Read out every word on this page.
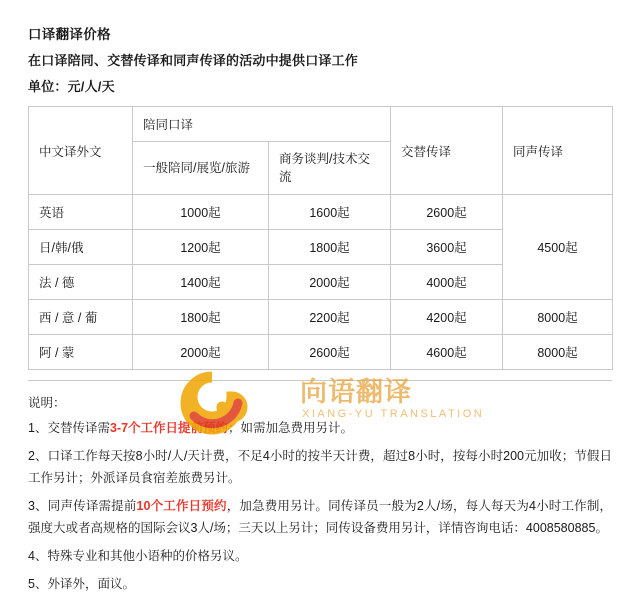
口译翻译价格
在口译陪同、交替传译和同声传译的活动中提供口译工作
单位：元/人/天
向语翻译
XIANG-YU TRANSLATION
中文译外文	陪同口译		交替传译	同声传译
	一般陪同/展览/旅游	商务谈判/技术交流		
英语	1000起	1600起	2600起	4500起
日/韩/俄	1200起	1800起	3600起	
法 / 德	1400起	2000起	4000起	
西 / 意 / 葡	1800起	2200起	4200起	8000起
阿 / 蒙	2000起	2600起	4600起	8000起
说明：
1、交替传译需3-7个工作日提前预约；如需加急费用另计。
2、口译工作每天按8小时/人/天计费，不足4小时的按半天计费，超过8小时，按每小时200元加收；节假日工作另计；外派译员食宿差旅费另计。
3、同声传译需提前10个工作日预约，加急费用另计。同传译员一般为2人/场，每人每天为4小时工作制，强度大或者高规格的国际会议3人/场；三天以上另计；同传设备费用另计，详情咨询电话：4008580885。
4、特殊专业和其他小语种的价格另议。
5、外译外，面议。
